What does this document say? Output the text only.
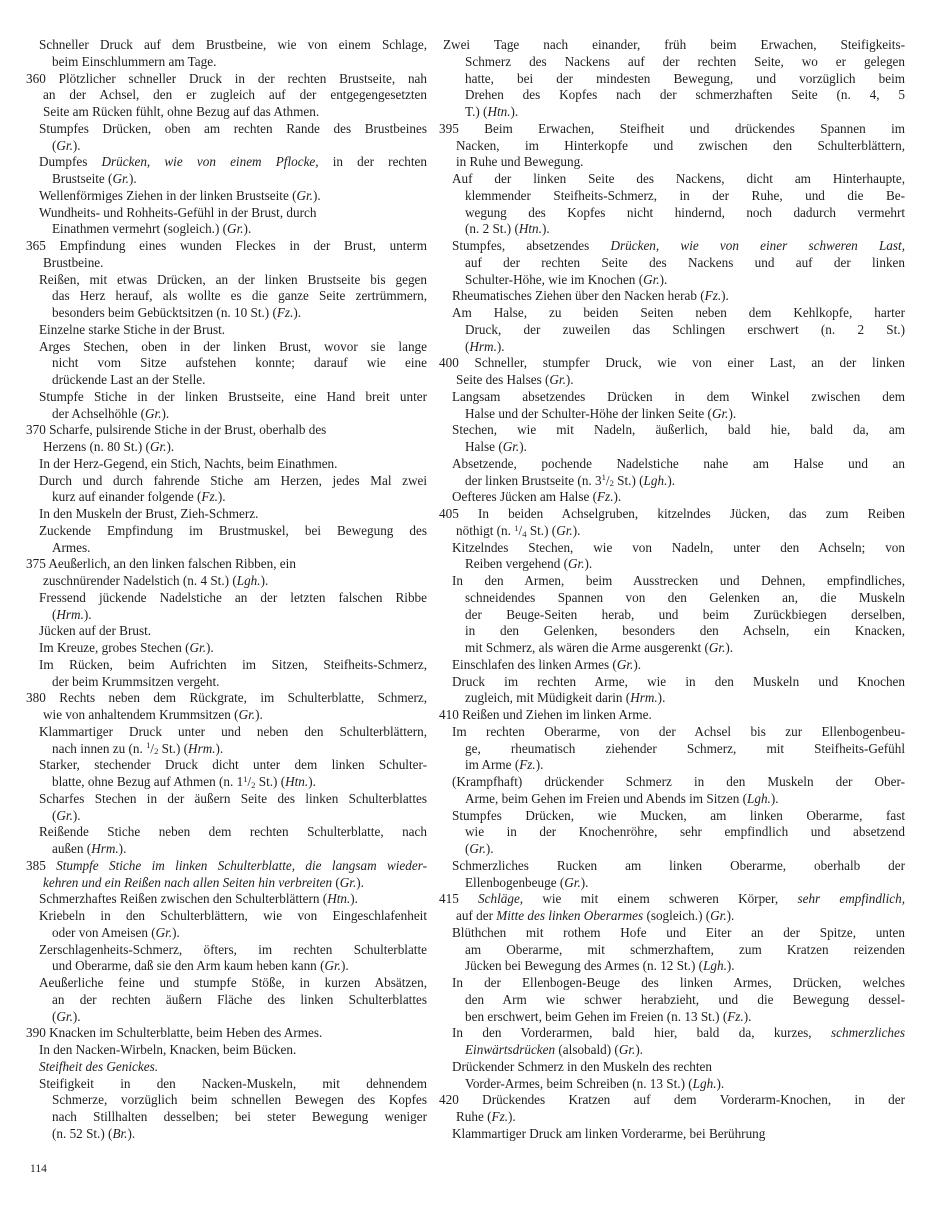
Schneller Druck auf dem Brustbeine, wie von einem Schlage,
beim Einschlummern am Tage.
360 Plötzlicher schneller Druck in der rechten Brustseite, nah
an der Achsel, den er zugleich auf der entgegengesetzten
Seite am Rücken fühlt, ohne Bezug auf das Athmen.
Stumpfes Drücken, oben am rechten Rande des Brustbeines
(Gr.).
Dumpfes Drücken, wie von einem Pflocke, in der rechten
Brustseite (Gr.).
Wellenförmiges Ziehen in der linken Brustseite (Gr.).
Wundheits- und Rohheits-Gefühl in der Brust, durch
Einathmen vermehrt (sogleich.) (Gr.).
365 Empfindung eines wunden Fleckes in der Brust, unterm
Brustbeine.
Reißen, mit etwas Drücken, an der linken Brustseite bis gegen
das Herz herauf, als wollte es die ganze Seite zertrümmern,
besonders beim Gebücktsitzen (n. 10 St.) (Fz.).
Einzelne starke Stiche in der Brust.
Arges Stechen, oben in der linken Brust, wovor sie lange
nicht vom Sitze aufstehen konnte; darauf wie eine
drückende Last an der Stelle.
Stumpfe Stiche in der linken Brustseite, eine Hand breit unter
der Achselhöhle (Gr.).
370 Scharfe, pulsirende Stiche in der Brust, oberhalb des
Herzens (n. 80 St.) (Gr.).
In der Herz-Gegend, ein Stich, Nachts, beim Einathmen.
Durch und durch fahrende Stiche am Herzen, jedes Mal zwei
kurz auf einander folgende (Fz.).
In den Muskeln der Brust, Zieh-Schmerz.
Zuckende Empfindung im Brustmuskel, bei Bewegung des
Armes.
375 Aeußerlich, an den linken falschen Ribben, ein
zuschnürender Nadelstich (n. 4 St.) (Lgh.).
Fressend jückende Nadelstiche an der letzten falschen Ribbe
(Hrm.).
Jücken auf der Brust.
Im Kreuze, grobes Stechen (Gr.).
Im Rücken, beim Aufrichten im Sitzen, Steifheits-Schmerz,
der beim Krummsitzen vergeht.
380 Rechts neben dem Rückgrate, im Schulterblatte, Schmerz,
wie von anhaltendem Krummsitzen (Gr.).
Klammartiger Druck unter und neben den Schulterblättern,
nach innen zu (n. $^1/_2$ St.) (Hrm.).
Starker, stechender Druck dicht unter dem linken Schulter-
blatte, ohne Bezug auf Athmen (n. $1^1/_2$ St.) (Htn.).
Scharfes Stechen in der äußern Seite des linken Schulterblattes
(Gr.).
Reißende Stiche neben dem rechten Schulterblatte, nach
außen (Hrm.).
385 Stumpfe Stiche im linken Schulterblatte, die langsam wieder-
kehren und ein Reißen nach allen Seiten hin verbreiten (Gr.).
Schmerzhaftes Reißen zwischen den Schulterblättern (Htn.).
Kriebeln in den Schulterblättern, wie von Eingeschlafenheit
oder von Ameisen (Gr.).
Zerschlagenheits-Schmerz, öfters, im rechten Schulterblatte
und Oberarme, daß sie den Arm kaum heben kann (Gr.).
Aeußerliche feine und stumpfe Stöße, in kurzen Absätzen,
an der rechten äußern Fläche des linken Schulterblattes
(Gr.).
390 Knacken im Schulterblatte, beim Heben des Armes.
In den Nacken-Wirbeln, Knacken, beim Bücken.
Steifheit des Genickes.
Steifigkeit in den Nacken-Muskeln, mit dehnendem
Schmerze, vorzüglich beim schnellen Bewegen des Kopfes
nach Stillhalten desselben; bei steter Bewegung weniger
(n. 52 St.) (Br.).
Zwei Tage nach einander, früh beim Erwachen, Steifigkeits-
Schmerz des Nackens auf der rechten Seite, wo er gelegen
hatte, bei der mindesten Bewegung, und vorzüglich beim
Drehen des Kopfes nach der schmerzhaften Seite (n. 4, 5
T.) (Htn.).
395 Beim Erwachen, Steifheit und drückendes Spannen im
Nacken, im Hinterkopfe und zwischen den Schulterblättern,
in Ruhe und Bewegung.
Auf der linken Seite des Nackens, dicht am Hinterhaupte,
klemmender Steifheits-Schmerz, in der Ruhe, und die Be-
wegung des Kopfes nicht hindernd, noch dadurch vermehrt
(n. 2 St.) (Htn.).
Stumpfes, absetzendes Drücken, wie von einer schweren Last,
auf der rechten Seite des Nackens und auf der linken
Schulter-Höhe, wie im Knochen (Gr.).
Rheumatisches Ziehen über den Nacken herab (Fz.).
Am Halse, zu beiden Seiten neben dem Kehlkopfe, harter
Druck, der zuweilen das Schlingen erschwert (n. 2 St.)
(Hrm.).
400 Schneller, stumpfer Druck, wie von einer Last, an der linken
Seite des Halses (Gr.).
Langsam absetzendes Drücken in dem Winkel zwischen dem
Halse und der Schulter-Höhe der linken Seite (Gr.).
Stechen, wie mit Nadeln, äußerlich, bald hie, bald da, am
Halse (Gr.).
Absetzende, pochende Nadelstiche nahe am Halse und an
der linken Brustseite (n. $3^1/_2$ St.) (Lgh.).
Oefteres Jücken am Halse (Fz.).
405 In beiden Achselgruben, kitzelndes Jücken, das zum Reiben
nöthigt (n. $^1/_4$ St.) (Gr.).
Kitzelndes Stechen, wie von Nadeln, unter den Achseln; von
Reiben vergehend (Gr.).
In den Armen, beim Ausstrecken und Dehnen, empfindliches,
schneidendes Spannen von den Gelenken an, die Muskeln
der Beuge-Seiten herab, und beim Zurückbiegen derselben,
in den Gelenken, besonders den Achseln, ein Knacken,
mit Schmerz, als wären die Arme ausgerenkt (Gr.).
Einschlafen des linken Armes (Gr.).
Druck im rechten Arme, wie in den Muskeln und Knochen
zugleich, mit Müdigkeit darin (Hrm.).
410 Reißen und Ziehen im linken Arme.
Im rechten Oberarme, von der Achsel bis zur Ellenbogenbeu-
ge, rheumatisch ziehender Schmerz, mit Steifheits-Gefühl
im Arme (Fz.).
(Krampfhaft) drückender Schmerz in den Muskeln der Ober-
Arme, beim Gehen im Freien und Abends im Sitzen (Lgh.).
Stumpfes Drücken, wie Mucken, am linken Oberarme, fast
wie in der Knochenröhre, sehr empfindlich und absetzend
(Gr.).
Schmerzliches Rucken am linken Oberarme, oberhalb der
Ellenbogenbeuge (Gr.).
415 Schläge, wie mit einem schweren Körper, sehr empfindlich,
auf der Mitte des linken Oberarmes (sogleich.) (Gr.).
Blüthchen mit rothem Hofe und Eiter an der Spitze, unten
am Oberarme, mit schmerzhaftem, zum Kratzen reizenden
Jücken bei Bewegung des Armes (n. 12 St.) (Lgh.).
In der Ellenbogen-Beuge des linken Armes, Drücken, welches
den Arm wie schwer herabzieht, und die Bewegung dessel-
ben erschwert, beim Gehen im Freien (n. 13 St.) (Fz.).
In den Vorderarmen, bald hier, bald da, kurzes, schmerzliches
Einwärtsdrücken (alsobald) (Gr.).
Drückender Schmerz in den Muskeln des rechten
Vorder-Armes, beim Schreiben (n. 13 St.) (Lgh.).
420 Drückendes Kratzen auf dem Vorderarm-Knochen, in der
Ruhe (Fz.).
Klammartiger Druck am linken Vorderarme, bei Berührung
114
